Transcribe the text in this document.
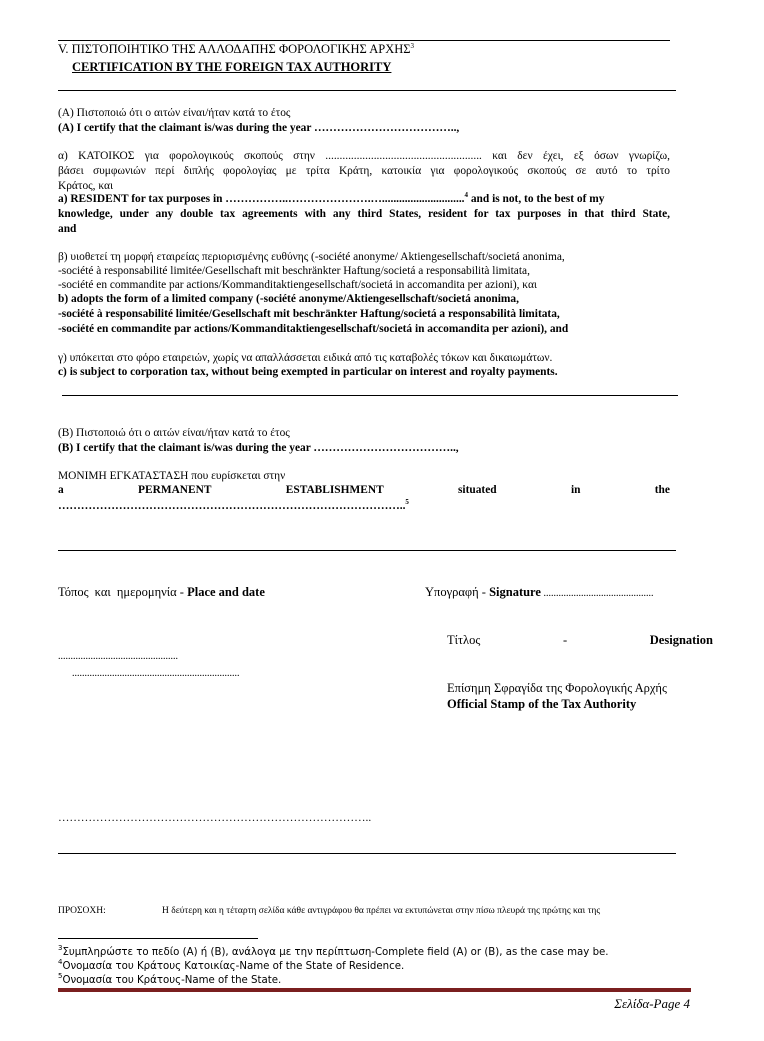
V. ΠΙΣΤΟΠΟΙΗΤΙΚΟ ΤΗΣ ΑΛΛΟΔΑΠΗΣ ΦΟΡΟΛΟΓΙΚΗΣ ΑΡΧΗΣ$^3$
CERTIFICATION BY THE FOREIGN TAX AUTHORITY
(Α) Πιστοποιώ ότι ο αιτών είναι/ήταν κατά το έτος
(A) I certify that the claimant is/was during the year ………………………………..,
α) ΚΑΤΟΙΚΟΣ για φορολογικούς σκοπούς στην ....................................................... και δεν έχει, εξ όσων γνωρίζω,
βάσει συμφωνιών περί διπλής φορολογίας με τρίτα Κράτη, κατοικία για φορολογικούς σκοπούς σε αυτό το τρίτο
Κράτος, και
a) RESIDENT for tax purposes in ……………..………………….….............................$^4$ and is not, to the best of my
knowledge, under any double tax agreements with any third States, resident for tax purposes in that third State,
and
β) υιοθετεί τη μορφή εταιρείας περιορισμένης ευθύνης (-société anonyme/ Aktiengesellschaft/societá anonima,
-société à responsabilité limitée/Gesellschaft mit beschränkter Haftung/societá a responsabilità limitata,
-société en commandite par actions/Kommanditaktiengesellschaft/societá in accomandita per azioni), και
b) adopts the form of a limited company (-société anonyme/Aktiengesellschaft/societá anonima,
-société à responsabilité limitée/Gesellschaft mit beschränkter Haftung/societá a responsabilità limitata,
-société en commandite par actions/Kommanditaktiengesellschaft/societá in accomandita per azioni), and
γ) υπόκειται στο φόρο εταιρειών, χωρίς να απαλλάσσεται ειδικά από τις καταβολές τόκων και δικαιωμάτων.
c) is subject to corporation tax, without being exempted in particular on interest and royalty payments.
(Β) Πιστοποιώ ότι ο αιτών είναι/ήταν κατά το έτος
(B) I certify that the claimant is/was during the year ………………………………..,
ΜΟΝΙΜΗ ΕΓΚΑΤΑΣΤΑΣΗ που ευρίσκεται στην
a	PERMANENT	ESTABLISHMENT	situated	in	the
………………………………………………………………………………..$^5$
Τόπος και ημερομηνία - Place and date	Υπογραφή - Signature ............................................
Τίτλος	-	Designation
................................................
...................................................................
Επίσημη Σφραγίδα της Φορολογικής Αρχής
Official Stamp of the Tax Authority
………………………………………………………………………..
ΠΡΟΣΟΧΗ:	Η δεύτερη και η τέταρτη σελίδα κάθε αντιγράφου θα πρέπει να εκτυπώνεται στην πίσω πλευρά της πρώτης και της
$^3$Συμπληρώστε το πεδίο (Α) ή (Β), ανάλογα με την περίπτωση-Complete field (A) or (B), as the case may be.
$^4$Ονομασία του Κράτους Κατοικίας-Name of the State of Residence.
$^5$Ονομασία του Κράτους-Name of the State.
Σελίδα-Page 4
